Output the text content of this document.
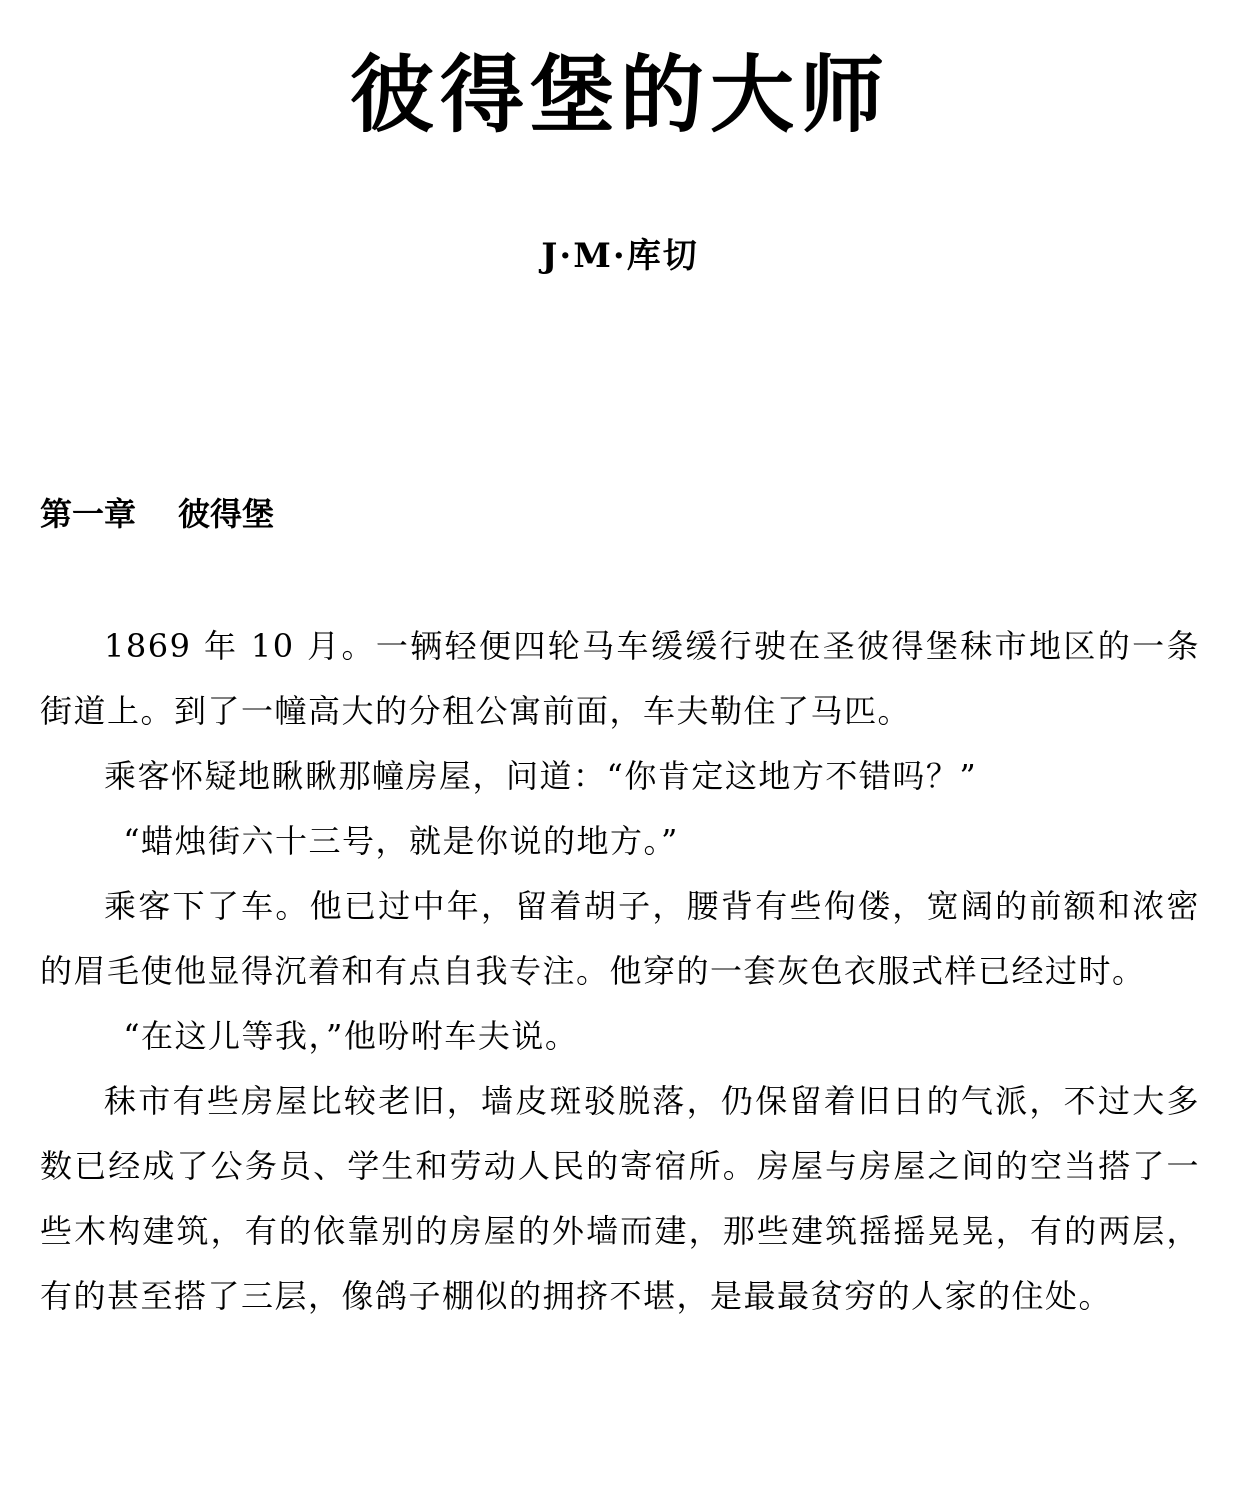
彼得堡的大师

J·M·库切

第一章 彼得堡

1869 年 10 月。一辆轻便四轮马车缓缓行驶在圣彼得堡秣市地区的一条街道上。到了一幢高大的分租公寓前面，车夫勒住了马匹。

乘客怀疑地瞅瞅那幢房屋，问道：“你肯定这地方不错吗？”

“蜡烛街六十三号，就是你说的地方。”

乘客下了车。他已过中年，留着胡子，腰背有些佝偻，宽阔的前额和浓密的眉毛使他显得沉着和有点自我专注。他穿的一套灰色衣服式样已经过时。

“在这儿等我，”他吩咐车夫说。

秣市有些房屋比较老旧，墙皮斑驳脱落，仍保留着旧日的气派，不过大多数已经成了公务员、学生和劳动人民的寄宿所。房屋与房屋之间的空当搭了一些木构建筑，有的依靠别的房屋的外墙而建，那些建筑摇摇晃晃，有的两层，有的甚至搭了三层，像鸽子棚似的拥挤不堪，是最最贫穷的人家的住处。
